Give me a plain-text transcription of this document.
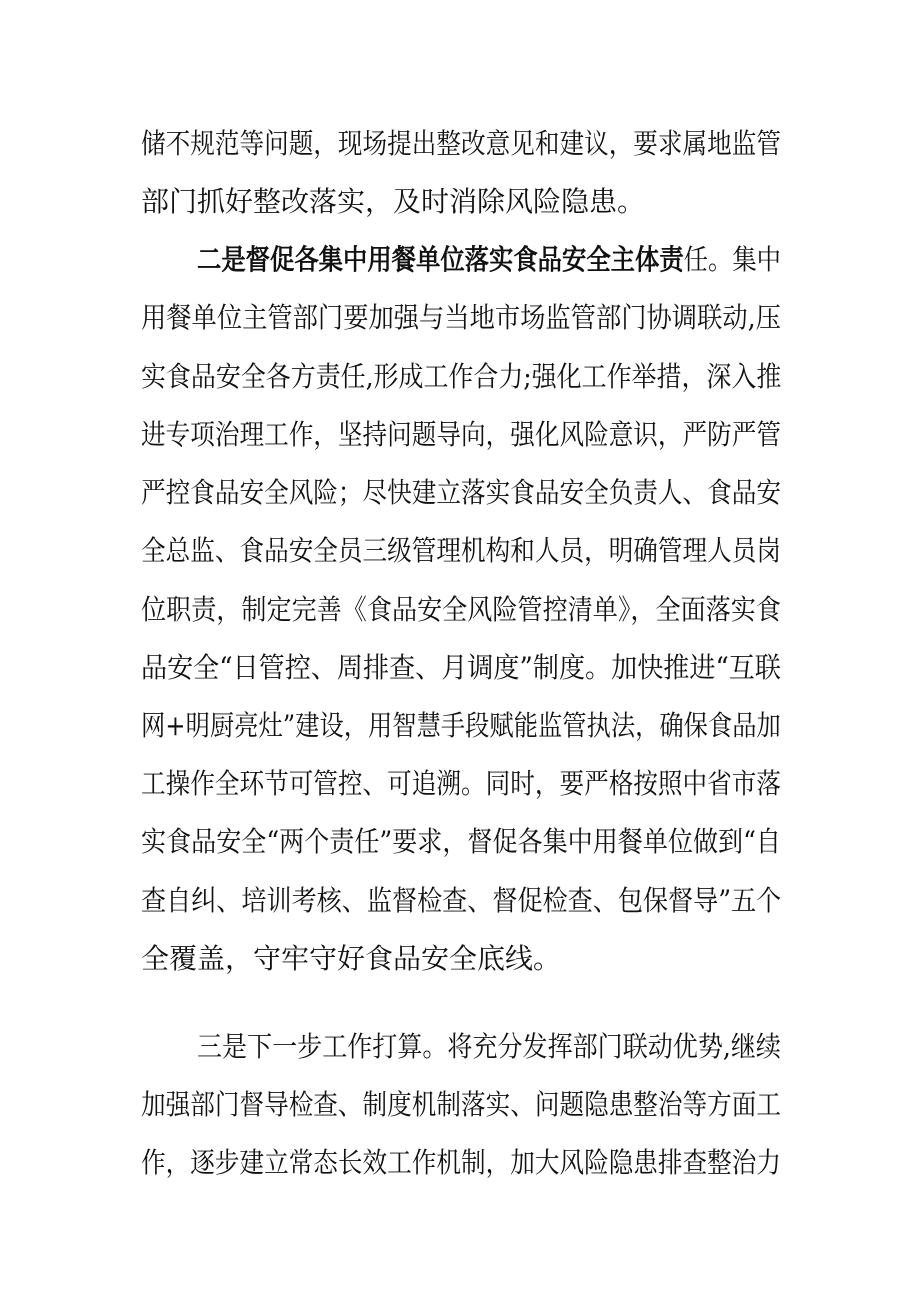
储不规范等问题，现场提出整改意见和建议，要求属地监管
部门抓好整改落实，及时消除风险隐患。
二是督促各集中用餐单位落实食品安全主体责任。集中
用餐单位主管部门要加强与当地市场监管部门协调联动,压
实食品安全各方责任,形成工作合力;强化工作举措，深入推
进专项治理工作，坚持问题导向，强化风险意识，严防严管
严控食品安全风险；尽快建立落实食品安全负责人、食品安
全总监、食品安全员三级管理机构和人员，明确管理人员岗
位职责，制定完善《食品安全风险管控清单》，全面落实食
品安全“日管控、周排查、月调度”制度。加快推进“互联
网+明厨亮灶”建设，用智慧手段赋能监管执法，确保食品加
工操作全环节可管控、可追溯。同时，要严格按照中省市落
实食品安全“两个责任”要求，督促各集中用餐单位做到“自
查自纠、培训考核、监督检查、督促检查、包保督导”五个
全覆盖，守牢守好食品安全底线。
三是下一步工作打算。将充分发挥部门联动优势,继续
加强部门督导检查、制度机制落实、问题隐患整治等方面工
作，逐步建立常态长效工作机制，加大风险隐患排查整治力
